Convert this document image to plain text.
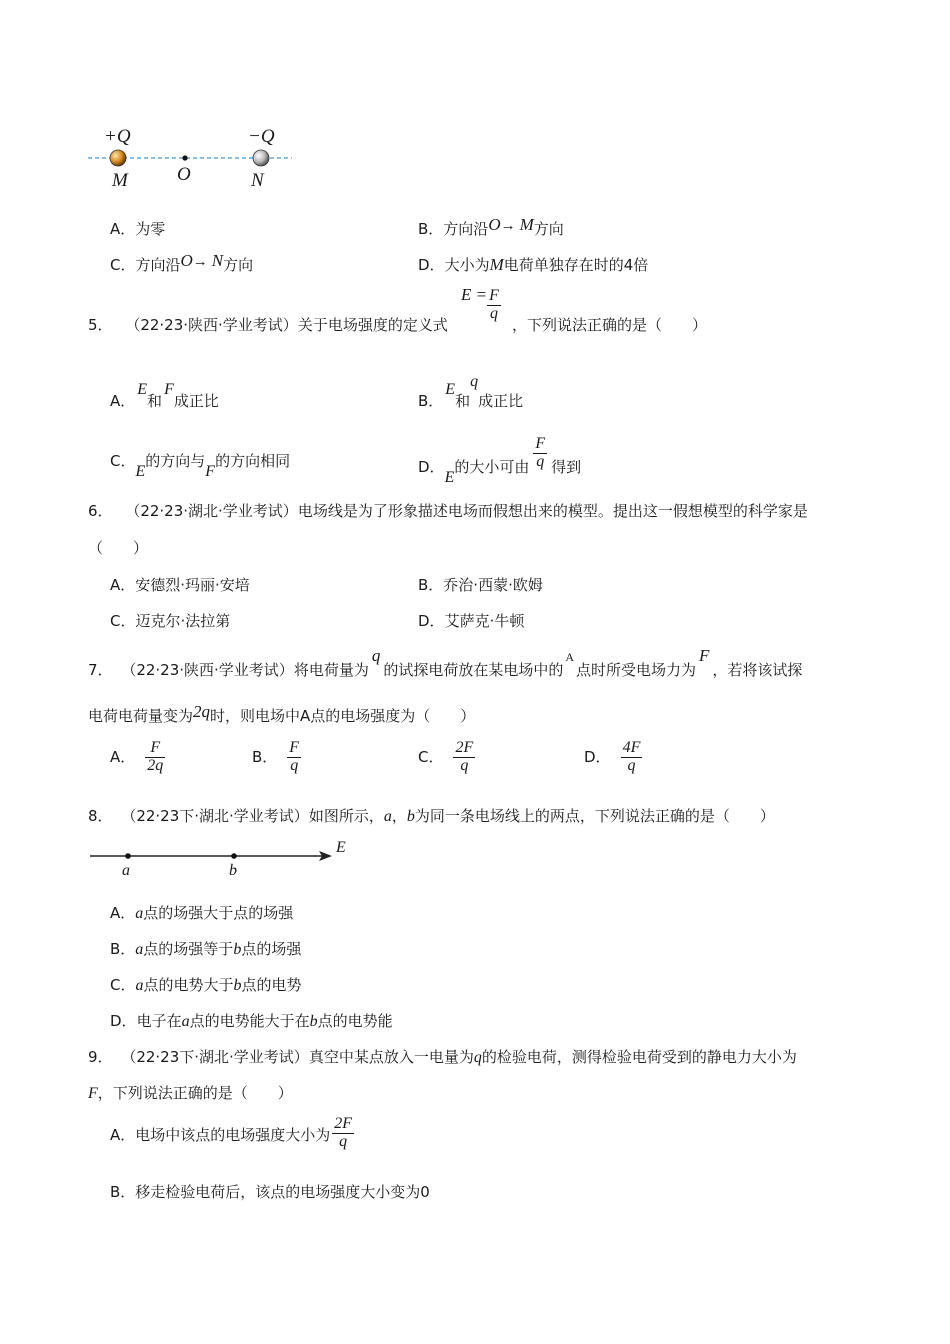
+Q	−Q
M	O	N
A．为零	B．方向沿O→ M方向
C．方向沿O→ N方向	D．大小为M电荷单独存在时的4倍
5． （22·23·陕西·学业考试）关于电场强度的定义式
$E = \frac{F}{q}$
，下列说法正确的是（　　）
A．E和F成正比	B．E和q成正比
C．E的方向与F的方向相同	D．E的大小可由 $\frac{F}{q}$ 得到
6． （22·23·湖北·学业考试）电场线是为了形象描述电场而假想出来的模型。提出这一假想模型的科学家是
（　　）
A．安德烈·玛丽·安培	B．乔治·西蒙·欧姆
C．迈克尔·法拉第	D．艾萨克·牛顿
7． （22·23·陕西·学业考试）将电荷量为q的试探电荷放在某电场中的A点时所受电场力为F，若将该试探
电荷电荷量变为2q时，则电场中A点的电场强度为（　　）
A． $\frac{F}{2q}$	B． $\frac{F}{q}$	C． $\frac{2F}{q}$	D． $\frac{4F}{q}$
8． （22·23下·湖北·学业考试）如图所示，a，b为同一条电场线上的两点，下列说法正确的是（　　）
a	b
E
A．a点的场强大于点的场强
B．a点的场强等于b点的场强
C．a点的电势大于b点的电势
D．电子在a点的电势能大于在b点的电势能
9． （22·23下·湖北·学业考试）真空中某点放入一电量为q的检验电荷，测得检验电荷受到的静电力大小为
F，下列说法正确的是（　　）
A．电场中该点的电场强度大小为 $\frac{2F}{q}$
B．移走检验电荷后，该点的电场强度大小变为0
